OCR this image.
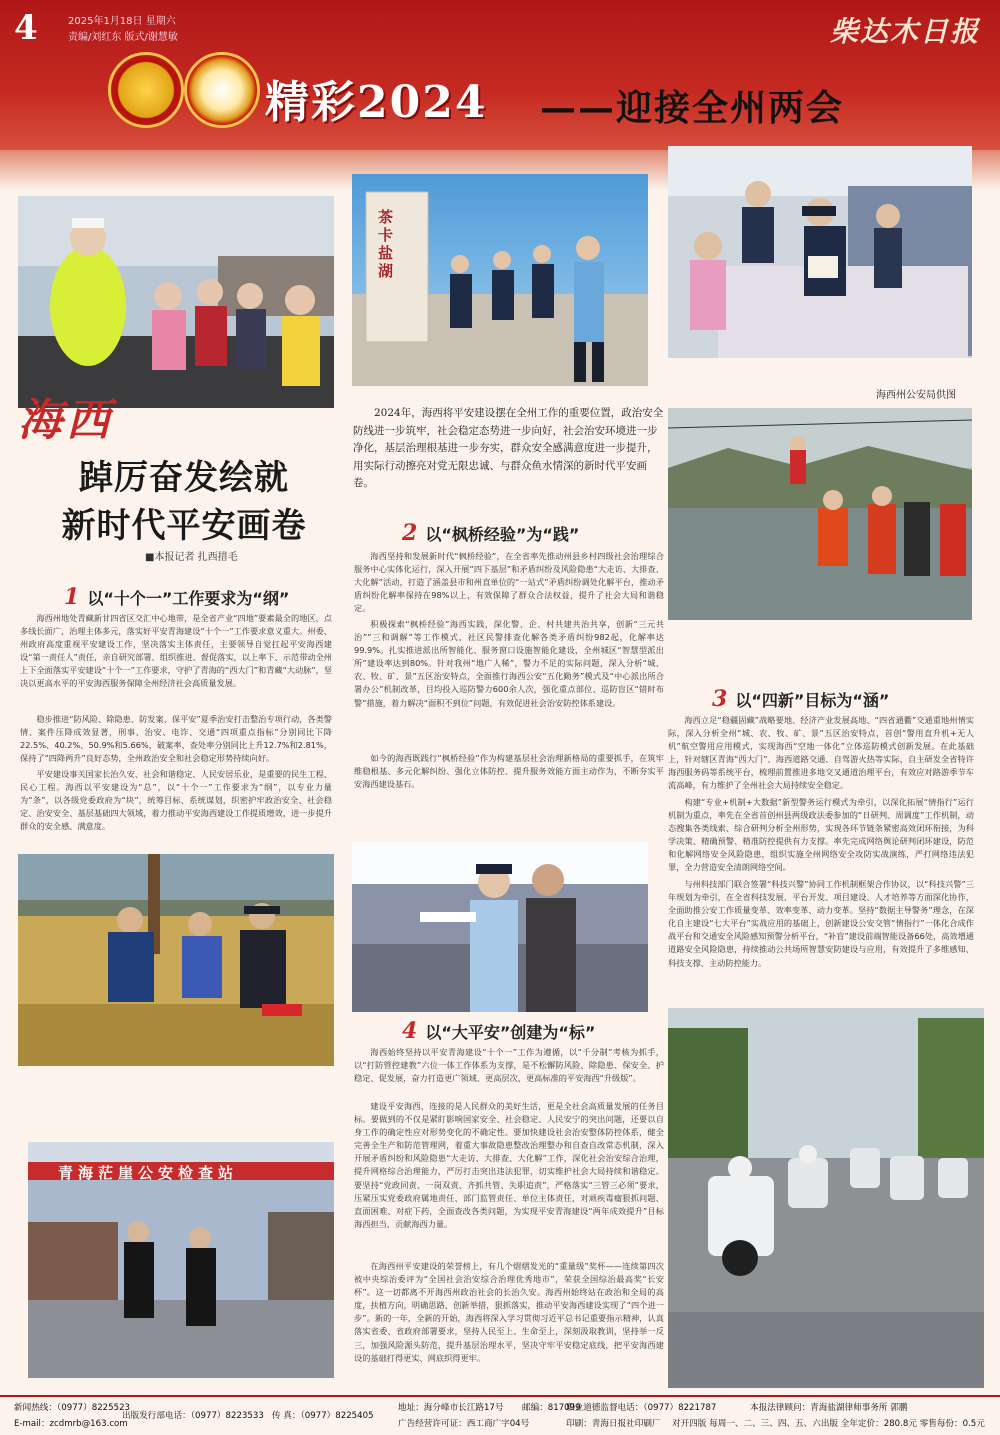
4	2025年1月18日 星期六
责编/刘红东 版式/谢慧敏	柴达木日报
精彩2024 ——迎接全州两会
茶卡盐湖
海西州公安局供图
青海茫崖公安检查站
海西
踔厉奋发绘就
新时代平安画卷
■本报记者 扎西措毛
2024年，海西将平安建设摆在全州工作的重要位置，政治安全防线进一步筑牢，社会稳定态势进一步向好，社会治安环境进一步净化，基层治理根基进一步夯实，群众安全感满意度进一步提升，用实际行动擦亮对党无限忠诚、与群众鱼水情深的新时代平安画卷。
1 以“十个一”工作要求为“纲”
海西州地处青藏新甘四省区交汇中心地带，是全省产业“四地”要素最全的地区，点多线长面广，治理主体多元，落实好平安青海建设“十个一”工作要求意义重大。州委、州政府高度重视平安建设工作，坚决落实主体责任，主要领导自觉扛起平安海西建设“第一责任人”责任，亲自研究部署、组织推进、督促落实，以上率下、示范带动全州上下全面落实平安建设“十个一”工作要求，守护了青海的“西大门”和青藏“大动脉”，坚决以更高水平的平安海西服务保障全州经济社会高质量发展。
稳步推进“防风险、除隐患、防发案、保平安”夏季治安打击整治专项行动，各类警情、案件压降成效显著，刑事、治安、电诈、交通“四项重点指标”分别同比下降22.5%、40.2%、50.9%和5.66%，破案率、查处率分别同比上升12.7%和2.81%，保持了“四降两升”良好态势，全州政治安全和社会稳定形势持续向好。
平安建设事关国家长治久安、社会和谐稳定、人民安居乐业，是重要的民生工程、民心工程。海西以平安建设为“总”，以“十个一”工作要求为“纲”，以专业力量为“条”，以各级党委政府为“块”，统筹目标、系统谋划，织密护牢政治安全、社会稳定、治安安全、基层基础四大领域，着力推动平安海西建设工作提质增效，进一步提升群众的安全感、满意度。
2 以“枫桥经验”为“践”
海西坚持和发展新时代“枫桥经验”，在全省率先推动州县乡村四级社会治理综合服务中心实体化运行，深入开展“四下基层”和矛盾纠纷及风险隐患“大走访、大排查、大化解”活动，打造了涵盖县市和州直单位的“一站式”矛盾纠纷调处化解平台，推动矛盾纠纷化解率保持在98%以上，有效保障了群众合法权益，提升了社会大局和谐稳定。
积极探索“枫桥经验”海西实践，深化警、企、村共建共治共享，创新“三元共治”“三和调解”等工作模式，社区民警排查化解各类矛盾纠纷982起，化解率达99.9%。扎实推进派出所智能化、服务窗口设施智能化建设，全州城区“智慧型派出所”建设率达到80%。针对我州“地广人稀”，警力不足的实际问题，深入分析“城、农、牧、矿、景”五区治安特点，全面推行海西公安“五化勤务”模式及“中心派出所合署办公”机制改革，目均投入巡防警力600余人次，强化重点部位、巡防盲区“错时布警”措施，着力解决“面积不到位”问题，有效促进社会治安防控体系建设。
如今的海西既践行“枫桥经验”作为构建基层社会治理新格局的重要抓手，在筑牢维稳根基、多元化解纠纷、强化立体防控、提升服务效能方面主动作为，不断夯实平安海西建设基石。
3 以“四新”目标为“涵”
海西立足“稳疆固藏”战略要地、经济产业发展高地、“四省通衢”交通重地州情实际，深入分析全州“城、农、牧、矿、景”五区治安特点，首创“警用直升机+无人机”航空警用应用模式，实现海西“空地一体化”立体巡防模式创新发展。在此基础上，针对辖区青海“西大门”、海西道路交通、自驾游火热等实际，自主研发全省特许海西服务码等系统平台，梳理前置推进多地交叉通道治理平台，有效应对路游季节车流高峰，有力维护了全州社会大局持续安全稳定。
构建“专业+机制+大数据”新型警务运行模式为牵引，以深化拓展“情指行”运行机制为重点，率先在全省首创州县两级政法委参加的“日研判、周调度”工作机制，动态搜集各类线索、综合研判分析全州形势，实现各环节链条紧密高效闭环衔接，为科学决策、精确预警、精准防控提供有力支撑。率先完成网络舆论研判闭环建设，防范和化解网络安全风险隐患，组织实施全州网络安全攻防实战演练，严打网络违法犯罪，全力营造安全清朗网络空间。
与州科技部门联合签署“科技兴警”协同工作机制框架合作协议，以“科技兴警”三年规划为牵引，在全省科技发展、平台开发、项目建设、人才培养等方面深化协作，全面助推公安工作质量变革、效率变革、动力变革。坚持“数据主导警务”理念，在深化自主建设“七大平台”实战应用的基础上，创新建设公安交管“情指行”一体化合成作战平台和交通安全风险感知预警分析平台，“补盲”建设前端智能设备66处，高效增通道路安全风险隐患，持续推动公共场所智慧安防建设与应用，有效提升了多维感知、科技支撑、主动防控能力。
4 以“大平安”创建为“标”
海西始终坚持以平安青海建设“十个一”工作为遵循，以“千分制”考核为抓手，以“打防管控建教”六位一体工作体系为支撑，是不松懈防风险、除隐患、保安全、护稳定、促发展，奋力打造更广领域、更高层次、更高标准的平安海西“升级版”。
建设平安海西，连接的是人民群众的美好生活，更是全社会高质量发展的任务目标。要做到的不仅是紧盯影响国家安全、社会稳定、人民安宁的突出问题，还要以自身工作的确定性应对形势变化的不确定性。要加快建设社会治安整体防控体系，健全完善全生产和防范管理网，着重大事故隐患整改治理整办和自查自改常态机制，深入开展矛盾纠纷和风险隐患“大走访、大排查、大化解”工作，深化社会治安综合治理，提升网格综合治理能力，严厉打击突出违法犯罪，切实维护社会大局持续和谐稳定。要坚持“党政同责、一岗双责、齐抓共管、失职追责”，严格落实“三管三必须”要求，压紧压实党委政府属地责任、部门监管责任、单位主体责任，对顽疾毒瘤狠抓问题、直面困难、对症下药，全面查改各类问题，为实现平安青海建设“两年成效提升”目标海西担当、贡献海西力量。
在海西州平安建设的荣誉榜上，有几个熠熠发光的“重量级”奖杯——连续第四次被中央综治委评为“全国社会治安综合治理优秀地市”，荣获全国综治最高奖“长安杯”。这一切都离不开海西州政治社会的长治久安。海西州始终站在政治和全局的高度，扶植方向，明确思路，创新举措，狠抓落实，推动平安海西建设实现了“四个进一步”。新的一年，全新的开始，海西将深入学习贯彻习近平总书记重要指示精神，认真落实省委、省政府部署要求，坚持人民至上、生命至上，深刻汲取教训，坚持举一反三，加强风险源头防范，提升基层治理水平，坚决守牢平安稳定底线，把平安海西建设的基础打得更实、网底织得更牢。
新闻热线：（0977）8225523
E-mail：zcdmrb@163.com
出版发行部电话：（0977）8223533 传 真：（0977）8225405
地址：海分峰市长江路17号 邮编：817099
广告经营许可证：西工商广字04号
职业道德监督电话：（0977）8221787
印刷：青海日报社印刷厂
本报法律顾问：青海盐湖律师事务所 郭鹏
对开四版 每周一、二、三、四、五、六出版 全年定价：280.8元 零售每份：0.5元
